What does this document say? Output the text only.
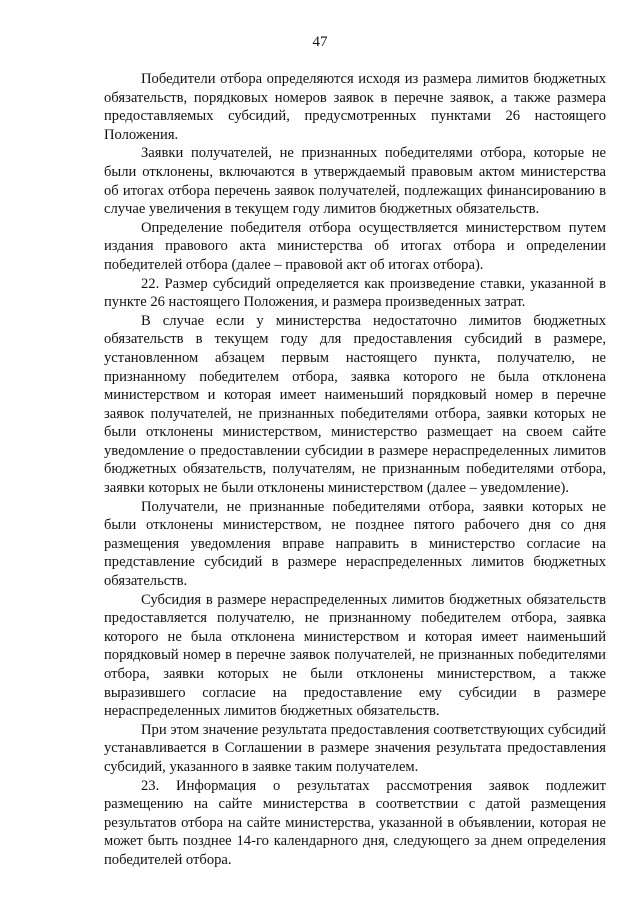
47

Победители отбора определяются исходя из размера лимитов бюджетных обязательств, порядковых номеров заявок в перечне заявок, а также размера предоставляемых субсидий, предусмотренных пунктами 26 настоящего Положения.

Заявки получателей, не признанных победителями отбора, которые не были отклонены, включаются в утверждаемый правовым актом министерства об итогах отбора перечень заявок получателей, подлежащих финансированию в случае увеличения в текущем году лимитов бюджетных обязательств.

Определение победителя отбора осуществляется министерством путем издания правового акта министерства об итогах отбора и определении победителей отбора (далее – правовой акт об итогах отбора).

22. Размер субсидий определяется как произведение ставки, указанной в пункте 26 настоящего Положения, и размера произведенных затрат.

В случае если у министерства недостаточно лимитов бюджетных обязательств в текущем году для предоставления субсидий в размере, установленном абзацем первым настоящего пункта, получателю, не признанному победителем отбора, заявка которого не была отклонена министерством и которая имеет наименьший порядковый номер в перечне заявок получателей, не признанных победителями отбора, заявки которых не были отклонены министерством, министерство размещает на своем сайте уведомление о предоставлении субсидии в размере нераспределенных лимитов бюджетных обязательств, получателям, не признанным победителями отбора, заявки которых не были отклонены министерством (далее – уведомление).

Получатели, не признанные победителями отбора, заявки которых не были отклонены министерством, не позднее пятого рабочего дня со дня размещения уведомления вправе направить в министерство согласие на представление субсидий в размере нераспределенных лимитов бюджетных обязательств.

Субсидия в размере нераспределенных лимитов бюджетных обязательств предоставляется получателю, не признанному победителем отбора, заявка которого не была отклонена министерством и которая имеет наименьший порядковый номер в перечне заявок получателей, не признанных победителями отбора, заявки которых не были отклонены министерством, а также выразившего согласие на предоставление ему субсидии в размере нераспределенных лимитов бюджетных обязательств.

При этом значение результата предоставления соответствующих субсидий устанавливается в Соглашении в размере значения результата предоставления субсидий, указанного в заявке таким получателем.

23. Информация о результатах рассмотрения заявок подлежит размещению на сайте министерства в соответствии с датой размещения результатов отбора на сайте министерства, указанной в объявлении, которая не может быть позднее 14-го календарного дня, следующего за днем определения победителей отбора.
